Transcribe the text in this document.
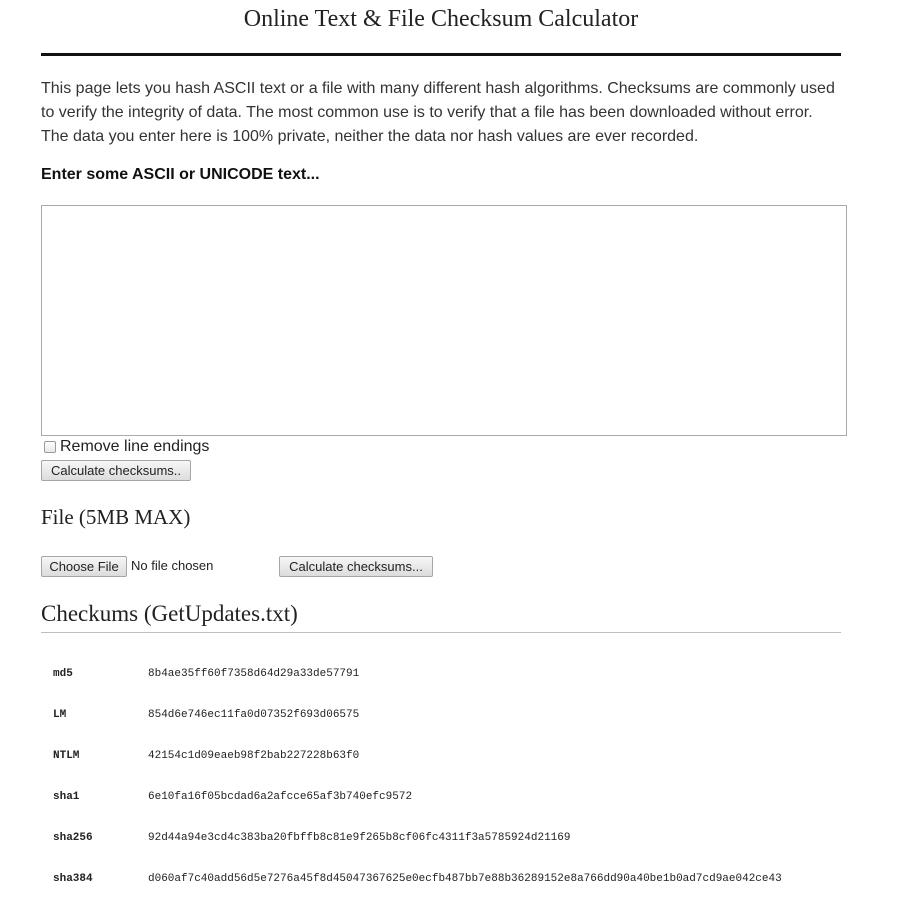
Online Text & File Checksum Calculator

This page lets you hash ASCII text or a file with many different hash algorithms. Checksums are commonly used
to verify the integrity of data. The most common use is to verify that a file has been downloaded without error.
The data you enter here is 100% private, neither the data nor hash values are ever recorded.

Enter some ASCII or UNICODE text...
Remove line endings
Calculate checksums..
File (5MB MAX)
Choose File No file chosen	Calculate checksums...
Checkums (GetUpdates.txt)
md5	8b4ae35ff60f7358d64d29a33de57791
LM	854d6e746ec11fa0d07352f693d06575
NTLM	42154c1d09eaeb98f2bab227228b63f0
sha1	6e10fa16f05bcdad6a2afcce65af3b740efc9572
sha256	92d44a94e3cd4c383ba20fbffb8c81e9f265b8cf06fc4311f3a5785924d21169
sha384	d060af7c40add56d5e7276a45f8d45047367625e0ecfb487bb7e88b36289152e8a766dd90a40be1b0ad7cd9ae042ce43
